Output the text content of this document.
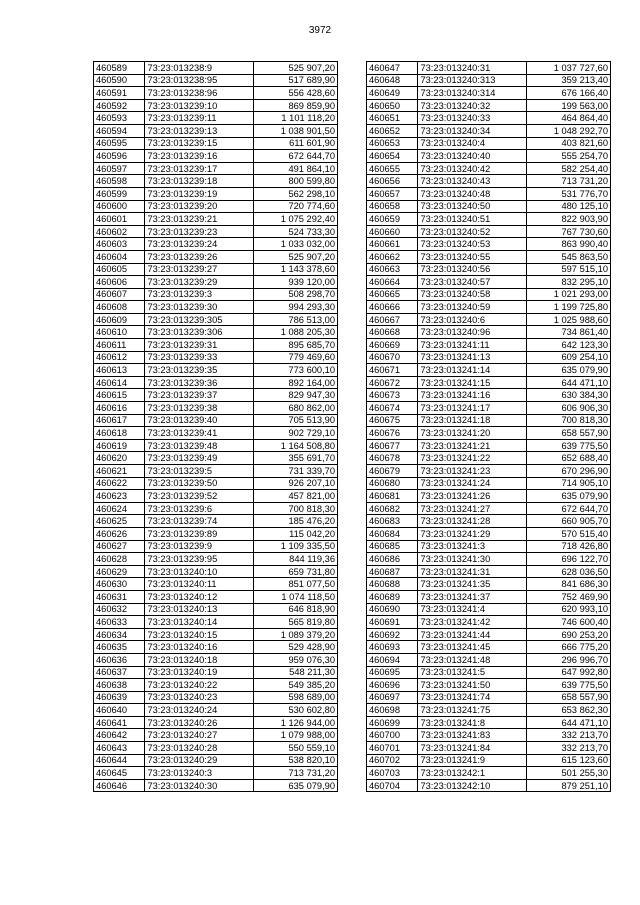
3972
460589	73:23:013238:9	525 907,20
460590	73:23:013238:95	517 689,90
460591	73:23:013238:96	556 428,60
460592	73:23:013239:10	869 859,90
460593	73:23:013239:11	1 101 118,20
460594	73:23:013239:13	1 038 901,50
460595	73:23:013239:15	611 601,90
460596	73:23:013239:16	672 644,70
460597	73:23:013239:17	491 864,10
460598	73:23:013239:18	800 599,80
460599	73:23:013239:19	562 298,10
460600	73:23:013239:20	720 774,60
460601	73:23:013239:21	1 075 292,40
460602	73:23:013239:23	524 733,30
460603	73:23:013239:24	1 033 032,00
460604	73:23:013239:26	525 907,20
460605	73:23:013239:27	1 143 378,60
460606	73:23:013239:29	939 120,00
460607	73:23:013239:3	508 298,70
460608	73:23:013239:30	994 293,30
460609	73:23:013239:305	786 513,00
460610	73:23:013239:306	1 088 205,30
460611	73:23:013239:31	895 685,70
460612	73:23:013239:33	779 469,60
460613	73:23:013239:35	773 600,10
460614	73:23:013239:36	892 164,00
460615	73:23:013239:37	829 947,30
460616	73:23:013239:38	680 862,00
460617	73:23:013239:40	705 513,90
460618	73:23:013239:41	902 729,10
460619	73:23:013239:48	1 164 508,80
460620	73:23:013239:49	355 691,70
460621	73:23:013239:5	731 339,70
460622	73:23:013239:50	926 207,10
460623	73:23:013239:52	457 821,00
460624	73:23:013239:6	700 818,30
460625	73:23:013239:74	185 476,20
460626	73:23:013239:89	115 042,20
460627	73:23:013239:9	1 109 335,50
460628	73:23:013239:95	844 119,36
460629	73:23:013240:10	659 731,80
460630	73:23:013240:11	851 077,50
460631	73:23:013240:12	1 074 118,50
460632	73:23:013240:13	646 818,90
460633	73:23:013240:14	565 819,80
460634	73:23:013240:15	1 089 379,20
460635	73:23:013240:16	529 428,90
460636	73:23:013240:18	959 076,30
460637	73:23:013240:19	548 211,30
460638	73:23:013240:22	549 385,20
460639	73:23:013240:23	598 689,00
460640	73:23:013240:24	530 602,80
460641	73:23:013240:26	1 126 944,00
460642	73:23:013240:27	1 079 988,00
460643	73:23:013240:28	550 559,10
460644	73:23:013240:29	538 820,10
460645	73:23:013240:3	713 731,20
460646	73:23:013240:30	635 079,90
460647	73:23:013240:31	1 037 727,60
460648	73:23:013240:313	359 213,40
460649	73:23:013240:314	676 166,40
460650	73:23:013240:32	199 563,00
460651	73:23:013240:33	464 864,40
460652	73:23:013240:34	1 048 292,70
460653	73:23:013240:4	403 821,60
460654	73:23:013240:40	555 254,70
460655	73:23:013240:42	582 254,40
460656	73:23:013240:43	713 731,20
460657	73:23:013240:48	531 776,70
460658	73:23:013240:50	480 125,10
460659	73:23:013240:51	822 903,90
460660	73:23:013240:52	767 730,60
460661	73:23:013240:53	863 990,40
460662	73:23:013240:55	545 863,50
460663	73:23:013240:56	597 515,10
460664	73:23:013240:57	832 295,10
460665	73:23:013240:58	1 021 293,00
460666	73:23:013240:59	1 199 725,80
460667	73:23:013240:6	1 025 988,60
460668	73:23:013240:96	734 861,40
460669	73:23:013241:11	642 123,30
460670	73:23:013241:13	609 254,10
460671	73:23:013241:14	635 079,90
460672	73:23:013241:15	644 471,10
460673	73:23:013241:16	630 384,30
460674	73:23:013241:17	606 906,30
460675	73:23:013241:18	700 818,30
460676	73:23:013241:20	658 557,90
460677	73:23:013241:21	639 775,50
460678	73:23:013241:22	652 688,40
460679	73:23:013241:23	670 296,90
460680	73:23:013241:24	714 905,10
460681	73:23:013241:26	635 079,90
460682	73:23:013241:27	672 644,70
460683	73:23:013241:28	660 905,70
460684	73:23:013241:29	570 515,40
460685	73:23:013241:3	718 426,80
460686	73:23:013241:30	696 122,70
460687	73:23:013241:31	628 036,50
460688	73:23:013241:35	841 686,30
460689	73:23:013241:37	752 469,90
460690	73:23:013241:4	620 993,10
460691	73:23:013241:42	746 600,40
460692	73:23:013241:44	690 253,20
460693	73:23:013241:45	666 775,20
460694	73:23:013241:48	296 996,70
460695	73:23:013241:5	647 992,80
460696	73:23:013241:50	639 775,50
460697	73:23:013241:74	658 557,90
460698	73:23:013241:75	653 862,30
460699	73:23:013241:8	644 471,10
460700	73:23:013241:83	332 213,70
460701	73:23:013241:84	332 213,70
460702	73:23:013241:9	615 123,60
460703	73:23:013242:1	501 255,30
460704	73:23:013242:10	879 251,10
